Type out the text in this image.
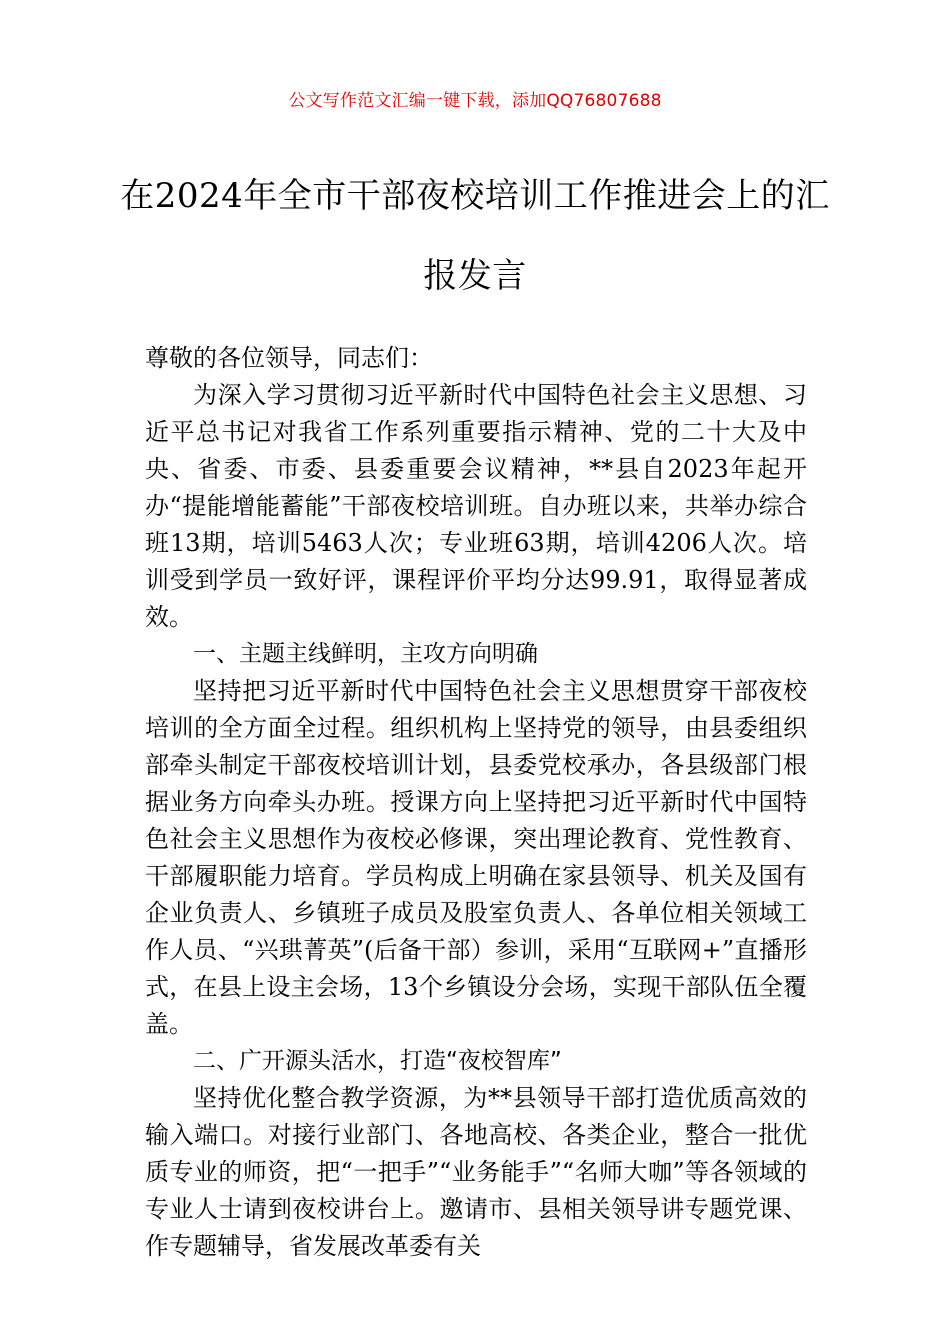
公文写作范文汇编一键下载，添加QQ76807688
在2024年全市干部夜校培训工作推进会上的汇报发言

尊敬的各位领导，同志们：

为深入学习贯彻习近平新时代中国特色社会主义思想、习近平总书记对我省工作系列重要指示精神、党的二十大及中央、省委、市委、县委重要会议精神，**县自2023年起开办“提能增能蓄能”干部夜校培训班。自办班以来，共举办综合班13期，培训5463人次；专业班63期，培训4206人次。培训受到学员一致好评，课程评价平均分达99.91，取得显著成效。

一、主题主线鲜明，主攻方向明确

坚持把习近平新时代中国特色社会主义思想贯穿干部夜校培训的全方面全过程。组织机构上坚持党的领导，由县委组织部牵头制定干部夜校培训计划，县委党校承办，各县级部门根据业务方向牵头办班。授课方向上坚持把习近平新时代中国特色社会主义思想作为夜校必修课，突出理论教育、党性教育、干部履职能力培育。学员构成上明确在家县领导、机关及国有企业负责人、乡镇班子成员及股室负责人、各单位相关领域工作人员、“兴珙菁英”(后备干部）参训，采用“互联网+”直播形式，在县上设主会场，13个乡镇设分会场，实现干部队伍全覆盖。

二、广开源头活水，打造“夜校智库”

坚持优化整合教学资源，为**县领导干部打造优质高效的输入端口。对接行业部门、各地高校、各类企业，整合一批优质专业的师资，把“一把手”“业务能手”“名师大咖”等各领域的专业人士请到夜校讲台上。邀请市、县相关领导讲专题党课、作专题辅导，省发展改革委有关
